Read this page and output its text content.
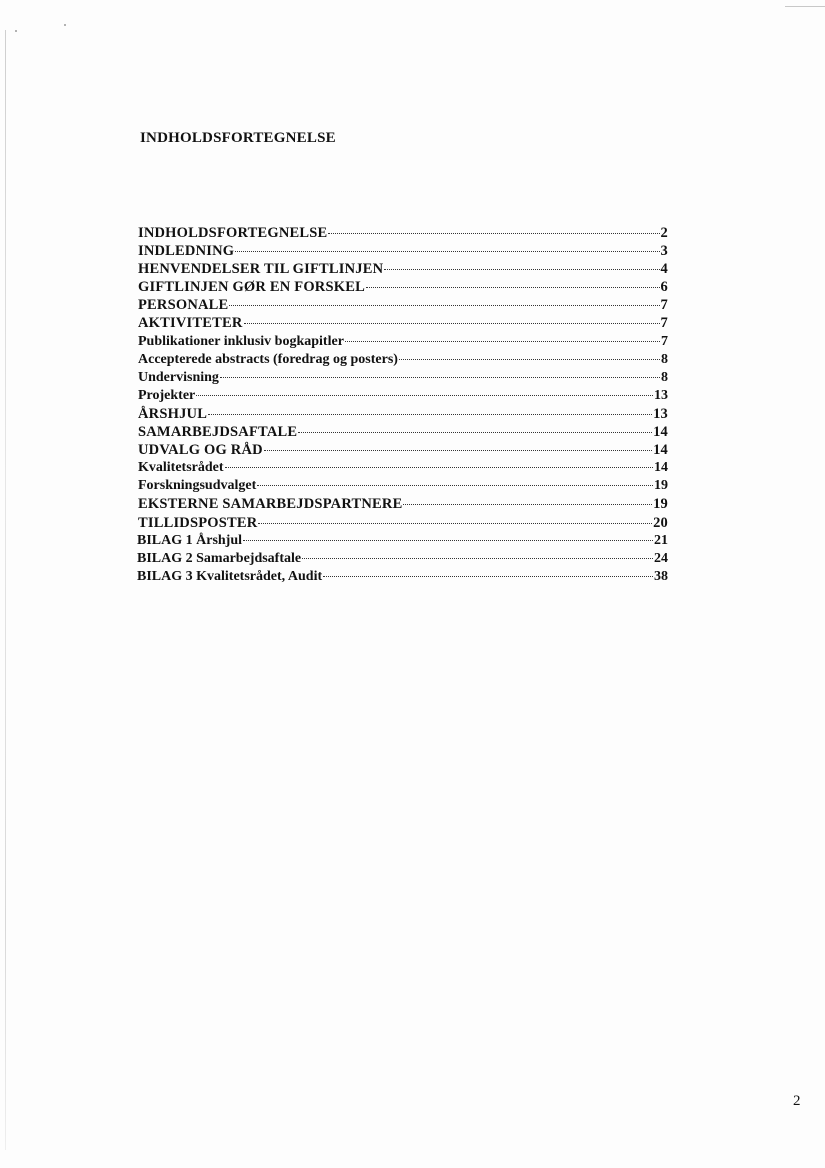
INDHOLDSFORTEGNELSE
INDHOLDSFORTEGNELSE	2
INDLEDNING	3
HENVENDELSER TIL GIFTLINJEN	4
GIFTLINJEN GØR EN FORSKEL	6
PERSONALE	7
AKTIVITETER	7
Publikationer inklusiv bogkapitler	7
Accepterede abstracts (foredrag og posters)	8
Undervisning	8
Projekter	13
ÅRSHJUL	13
SAMARBEJDSAFTALE	14
UDVALG OG RÅD	14
Kvalitetsrådet	14
Forskningsudvalget	19
EKSTERNE SAMARBEJDSPARTNERE	19
TILLIDSPOSTER	20
BILAG 1 Årshjul	21
BILAG 2 Samarbejdsaftale	24
BILAG 3 Kvalitetsrådet, Audit	38
2
